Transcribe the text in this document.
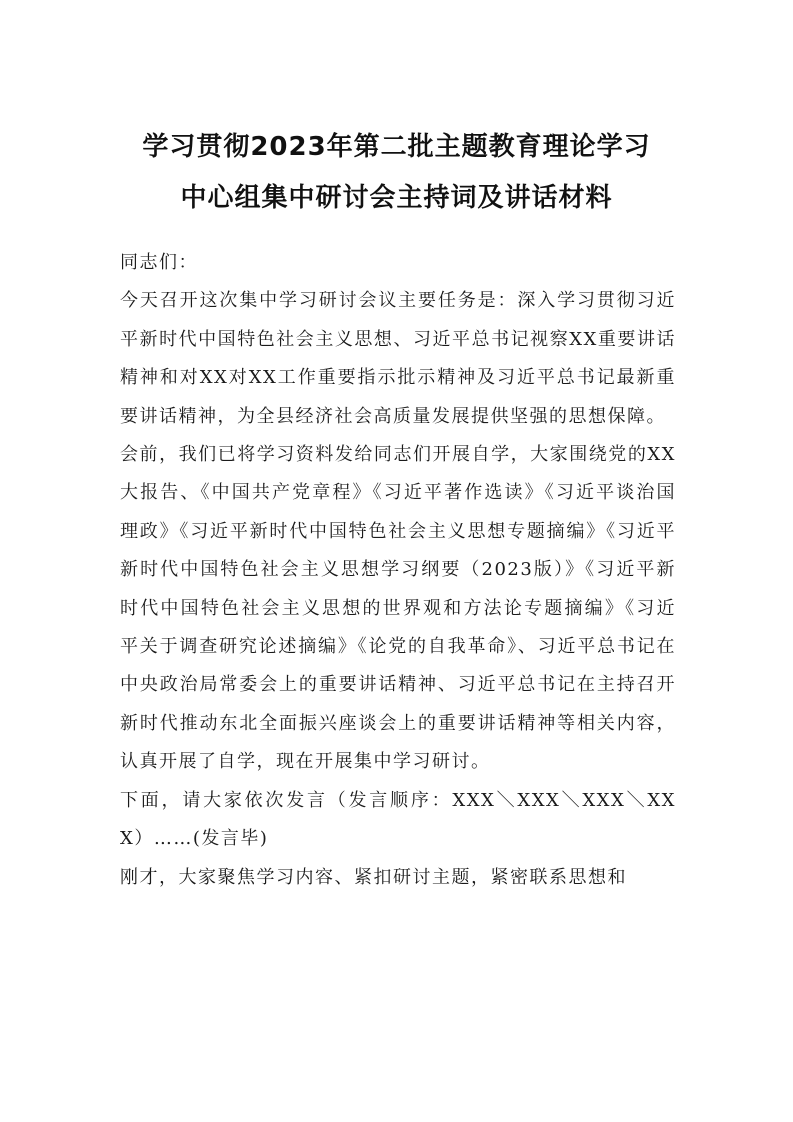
学习贯彻2023年第二批主题教育理论学习
中心组集中研讨会主持词及讲话材料

同志们：

今天召开这次集中学习研讨会议主要任务是：深入学习贯彻习近平新时代中国特色社会主义思想、习近平总书记视察XX重要讲话精神和对XX对XX工作重要指示批示精神及习近平总书记最新重要讲话精神，为全县经济社会高质量发展提供坚强的思想保障。

会前，我们已将学习资料发给同志们开展自学，大家围绕党的XX大报告、《中国共产党章程》《习近平著作选读》《习近平谈治国理政》《习近平新时代中国特色社会主义思想专题摘编》《习近平新时代中国特色社会主义思想学习纲要（2023版）》《习近平新时代中国特色社会主义思想的世界观和方法论专题摘编》《习近平关于调查研究论述摘编》《论党的自我革命》、习近平总书记在中央政治局常委会上的重要讲话精神、习近平总书记在主持召开新时代推动东北全面振兴座谈会上的重要讲话精神等相关内容，认真开展了自学，现在开展集中学习研讨。

下面，请大家依次发言（发言顺序：XXX＼XXX＼XXX＼XXX）……(发言毕)

刚才，大家聚焦学习内容、紧扣研讨主题，紧密联系思想和
